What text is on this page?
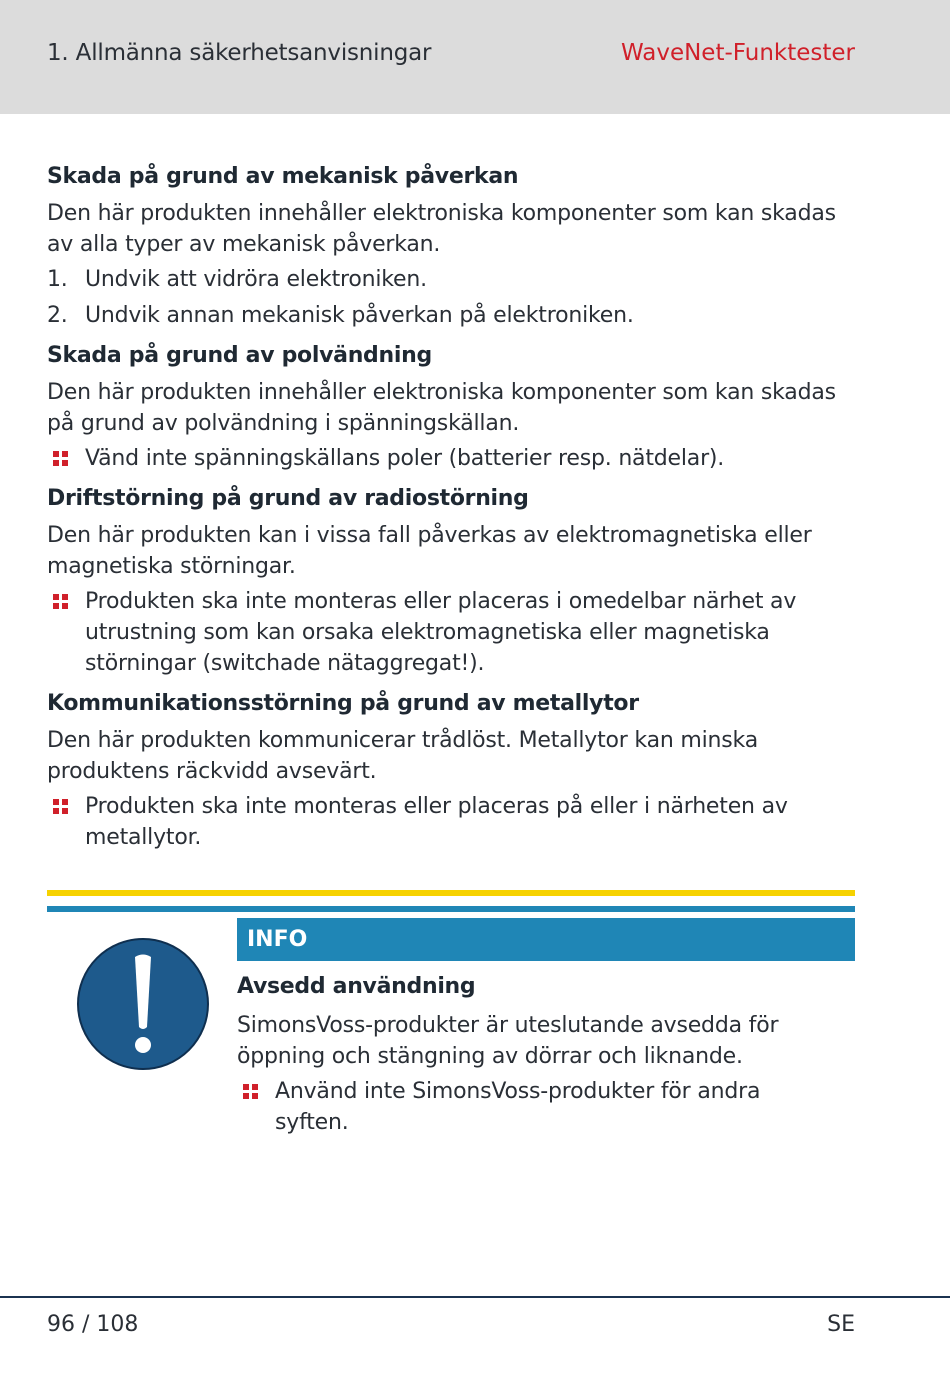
1. Allmänna säkerhetsanvisningar	WaveNet-Funktester
Skada på grund av mekanisk påverkan

Den här produkten innehåller elektroniska komponenter som kan skadas av alla typer av mekanisk påverkan.

1. Undvik att vidröra elektroniken.
2. Undvik annan mekanisk påverkan på elektroniken.
Skada på grund av polvändning

Den här produkten innehåller elektroniska komponenter som kan skadas på grund av polvändning i spänningskällan.

Vänd inte spänningskällans poler (batterier resp. nätdelar).
Driftstörning på grund av radiostörning

Den här produkten kan i vissa fall påverkas av elektromagnetiska eller magnetiska störningar.

Produkten ska inte monteras eller placeras i omedelbar närhet av utrustning som kan orsaka elektromagnetiska eller magnetiska störningar (switchade nätaggregat!).
Kommunikationsstörning på grund av metallytor

Den här produkten kommunicerar trådlöst. Metallytor kan minska produktens räckvidd avsevärt.

Produkten ska inte monteras eller placeras på eller i närheten av metallytor.
INFO
Avsedd användning

SimonsVoss-produkter är uteslutande avsedda för öppning och stängning av dörrar och liknande.

Använd inte SimonsVoss-produkter för andra syften.
96 / 108	SE
